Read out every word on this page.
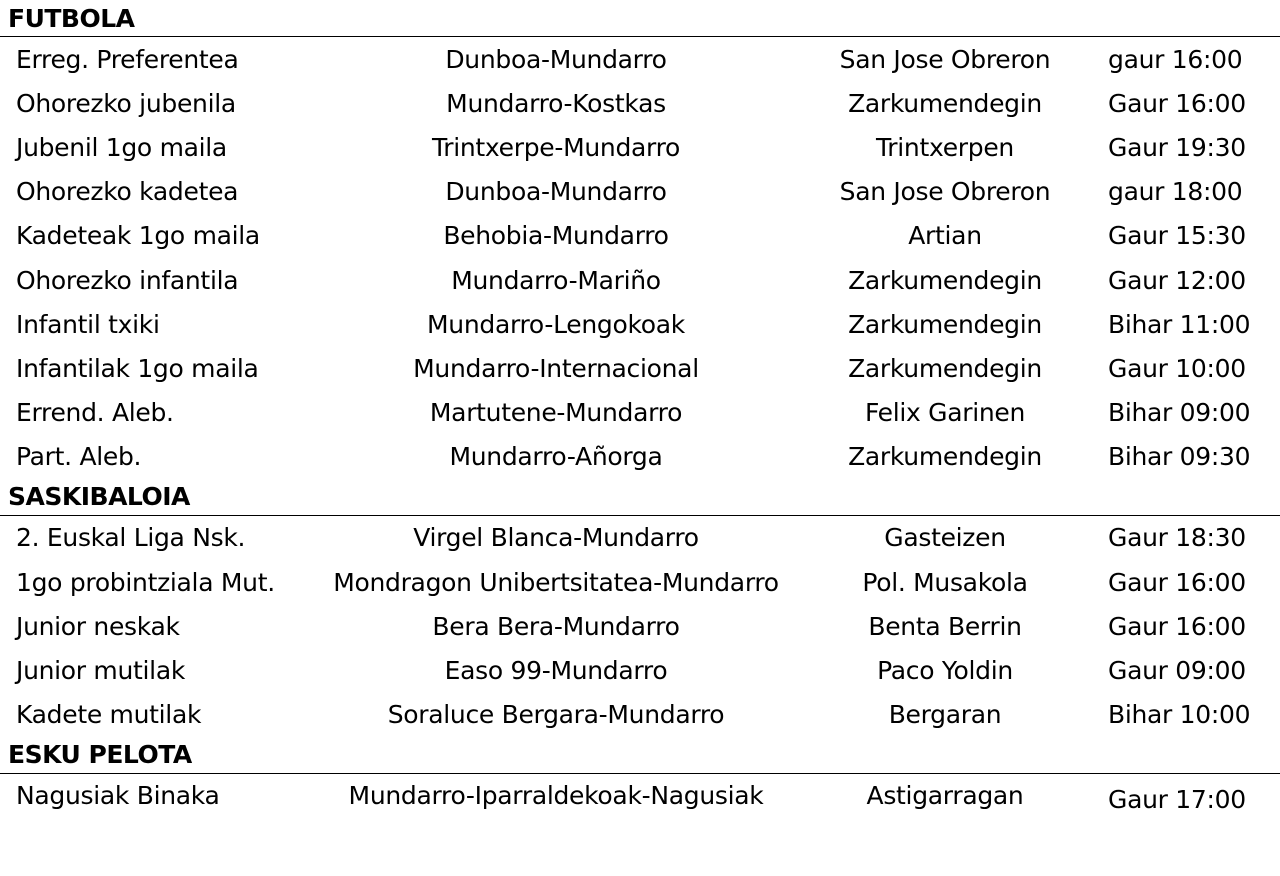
FUTBOLA
Erreg. Preferentea	Dunboa-Mundarro	San Jose Obreron	gaur 16:00
Ohorezko jubenila	Mundarro-Kostkas	Zarkumendegin	Gaur 16:00
Jubenil 1go maila	Trintxerpe-Mundarro	Trintxerpen	Gaur 19:30
Ohorezko kadetea	Dunboa-Mundarro	San Jose Obreron	gaur 18:00
Kadeteak 1go maila	Behobia-Mundarro	Artian	Gaur 15:30
Ohorezko infantila	Mundarro-Mariño	Zarkumendegin	Gaur 12:00
Infantil txiki	Mundarro-Lengokoak	Zarkumendegin	Bihar 11:00
Infantilak 1go maila	Mundarro-Internacional	Zarkumendegin	Gaur 10:00
Errend. Aleb.	Martutene-Mundarro	Felix Garinen	Bihar 09:00
Part. Aleb.	Mundarro-Añorga	Zarkumendegin	Bihar 09:30
SASKIBALOIA
2. Euskal Liga Nsk.	Virgel Blanca-Mundarro	Gasteizen	Gaur 18:30
1go probintziala Mut.	Mondragon Unibertsitatea-Mundarro	Pol. Musakola	Gaur 16:00
Junior neskak	Bera Bera-Mundarro	Benta Berrin	Gaur 16:00
Junior mutilak	Easo 99-Mundarro	Paco Yoldin	Gaur 09:00
Kadete mutilak	Soraluce Bergara-Mundarro	Bergaran	Bihar 10:00
ESKU PELOTA
Nagusiak Binaka	Mundarro-Iparraldekoak-Nagusiak	Astigarragan	Gaur 17:00
